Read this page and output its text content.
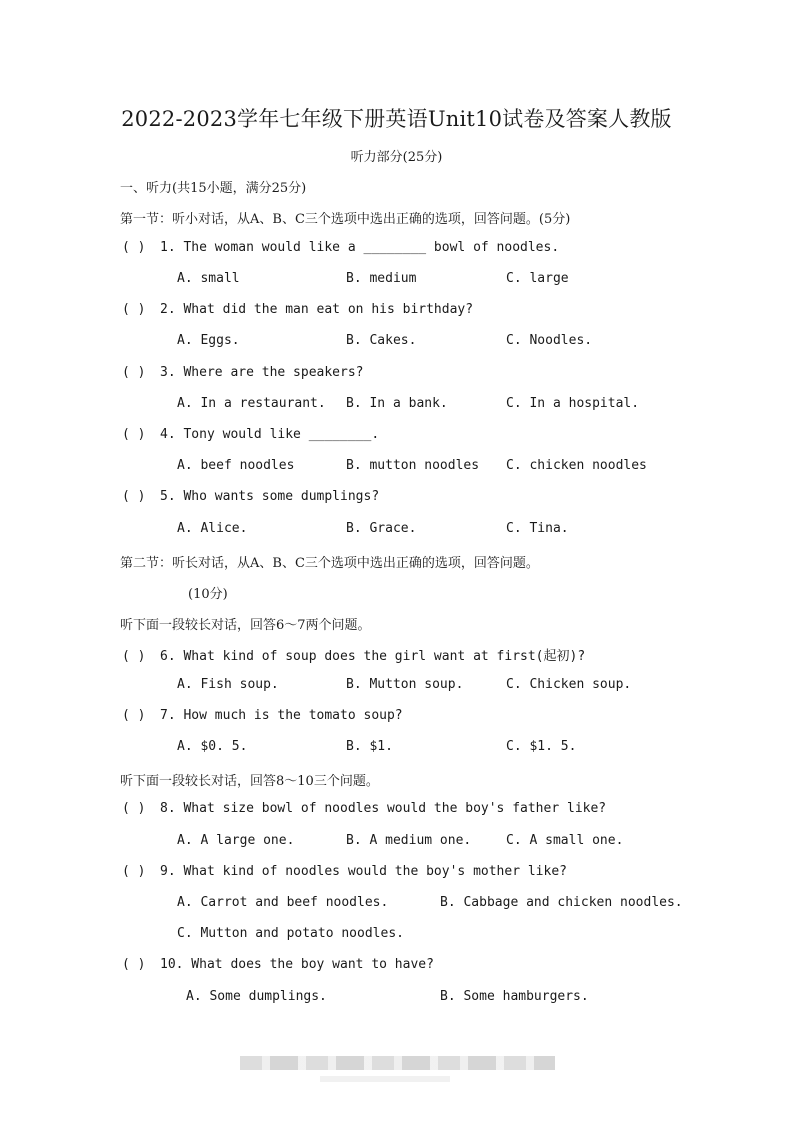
2022-2023学年七年级下册英语Unit10试卷及答案人教版
听力部分(25分)
一、听力(共15小题，满分25分)
第一节：听小对话，从A、B、C三个选项中选出正确的选项，回答问题。(5分)
( ) 1. The woman would like a ________ bowl of noodles.
A. small	B. medium	C. large
( ) 2. What did the man eat on his birthday?
A. Eggs.	B. Cakes.	C. Noodles.
( ) 3. Where are the speakers?
A. In a restaurant. B. In a bank.	C. In a hospital.
( ) 4. Tony would like ________.
A. beef noodles	B. mutton noodles C. chicken noodles
( ) 5. Who wants some dumplings?
A. Alice.	B. Grace.	C. Tina.
第二节：听长对话，从A、B、C三个选项中选出正确的选项，回答问题。
(10分)
听下面一段较长对话，回答6～7两个问题。
( ) 6. What kind of soup does the girl want at first(起初)?
A. Fish soup.	B. Mutton soup.	C. Chicken soup.
( ) 7. How much is the tomato soup?
A. $0. 5.	B. $1.	C. $1. 5.
听下面一段较长对话，回答8～10三个问题。
( ) 8. What size bowl of noodles would the boy's father like?
A. A large one.	B. A medium one.	C. A small one.
( ) 9. What kind of noodles would the boy's mother like?
A. Carrot and beef noodles.	B. Cabbage and chicken noodles.
C. Mutton and potato noodles.
( ) 10. What does the boy want to have?
A. Some dumplings.	B. Some hamburgers.
